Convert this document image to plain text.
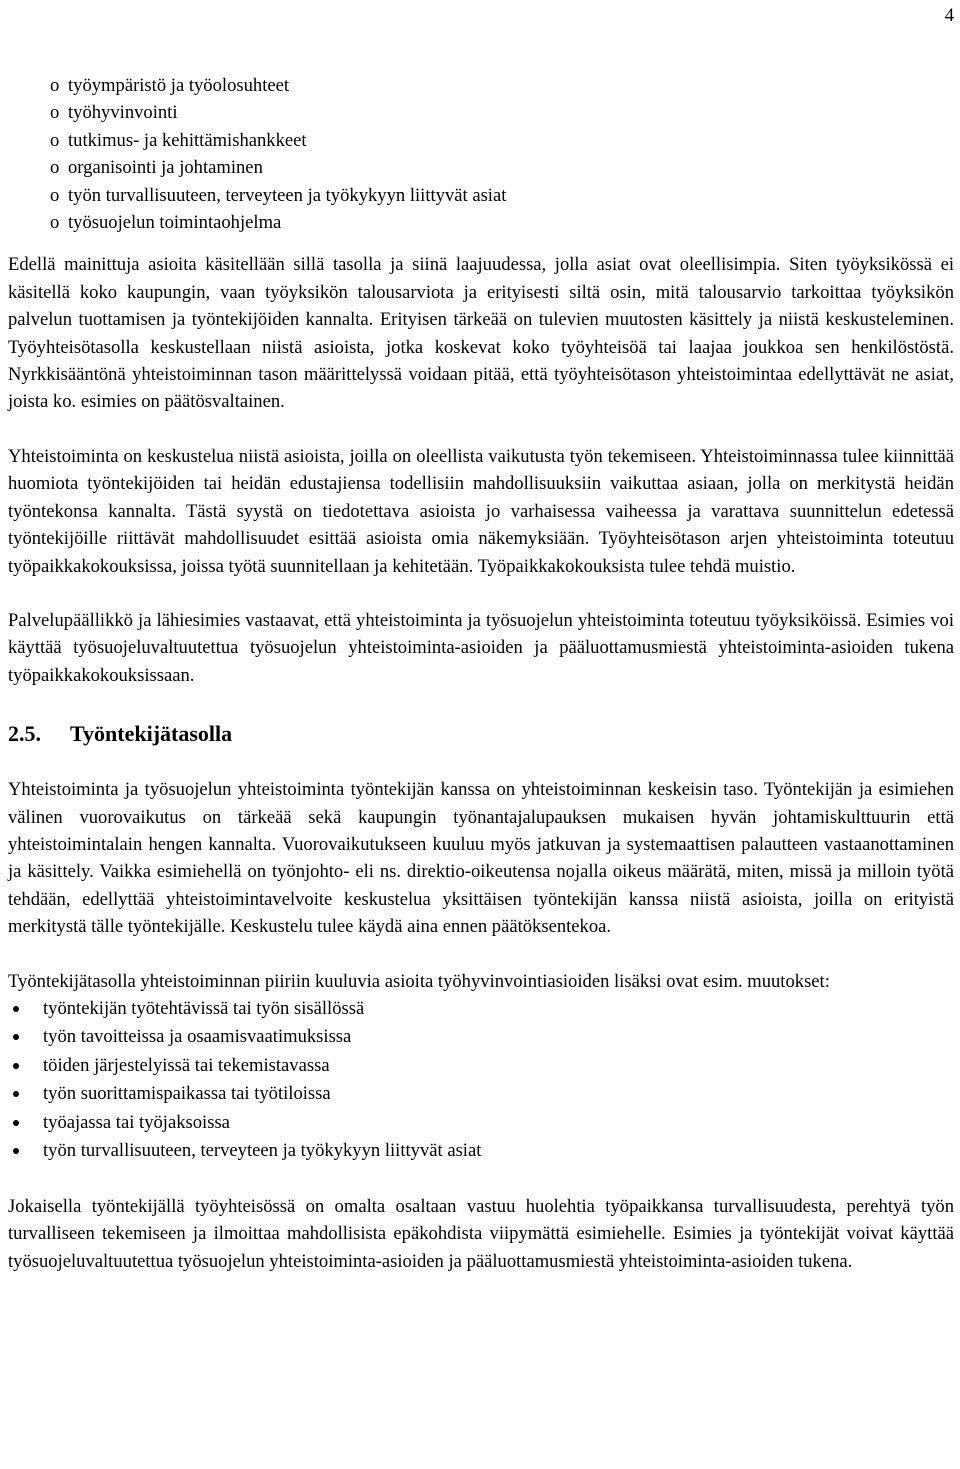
4
o työympäristö ja työolosuhteet
o työhyvinvointi
o tutkimus- ja kehittämishankkeet
o organisointi ja johtaminen
o työn turvallisuuteen, terveyteen ja työkykyyn liittyvät asiat
o työsuojelun toimintaohjelma

Edellä mainittuja asioita käsitellään sillä tasolla ja siinä laajuudessa, jolla asiat ovat oleellisimpia. Siten työyksikössä ei käsitellä koko kaupungin, vaan työyksikön talousarviota ja erityisesti siltä osin, mitä talousarvio tarkoittaa työyksikön palvelun tuottamisen ja työntekijöiden kannalta. Erityisen tärkeää on tulevien muutosten käsittely ja niistä keskusteleminen. Työyhteisötasolla keskustellaan niistä asioista, jotka koskevat koko työyhteisöä tai laajaa joukkoa sen henkilöstöstä. Nyrkkisääntönä yhteistoiminnan tason määrittelyssä voidaan pitää, että työyhteisötason yhteistoimintaa edellyttävät ne asiat, joista ko. esimies on päätösvaltainen.

Yhteistoiminta on keskustelua niistä asioista, joilla on oleellista vaikutusta työn tekemiseen. Yhteistoiminnassa tulee kiinnittää huomiota työntekijöiden tai heidän edustajiensa todellisiin mahdollisuuksiin vaikuttaa asiaan, jolla on merkitystä heidän työntekonsa kannalta. Tästä syystä on tiedotettava asioista jo varhaisessa vaiheessa ja varattava suunnittelun edetessä työntekijöille riittävät mahdollisuudet esittää asioista omia näkemyksiään. Työyhteisötason arjen yhteistoiminta toteutuu työpaikkakokouksissa, joissa työtä suunnitellaan ja kehitetään. Työpaikkakokouksista tulee tehdä muistio.

Palvelupäällikkö ja lähiesimies vastaavat, että yhteistoiminta ja työsuojelun yhteistoiminta toteutuu työyksiköissä. Esimies voi käyttää työsuojeluvaltuutettua työsuojelun yhteistoiminta-asioiden ja pääluottamusmiestä yhteistoiminta-asioiden tukena työpaikkakokouksissaan.

2.5.	Työntekijätasolla

Yhteistoiminta ja työsuojelun yhteistoiminta työntekijän kanssa on yhteistoiminnan keskeisin taso. Työntekijän ja esimiehen välinen vuorovaikutus on tärkeää sekä kaupungin työnantajalupauksen mukaisen hyvän johtamiskulttuurin että yhteistoimintalain hengen kannalta. Vuorovaikutukseen kuuluu myös jatkuvan ja systemaattisen palautteen vastaanottaminen ja käsittely. Vaikka esimiehellä on työnjohto- eli ns. direktio-oikeutensa nojalla oikeus määrätä, miten, missä ja milloin työtä tehdään, edellyttää yhteistoimintavelvoite keskustelua yksittäisen työntekijän kanssa niistä asioista, joilla on erityistä merkitystä tälle työntekijälle. Keskustelu tulee käydä aina ennen päätöksentekoa.

Työntekijätasolla yhteistoiminnan piiriin kuuluvia asioita työhyvinvointiasioiden lisäksi ovat esim. muutokset:

työntekijän työtehtävissä tai työn sisällössä
työn tavoitteissa ja osaamisvaatimuksissa
töiden järjestelyissä tai tekemistavassa
työn suorittamispaikassa tai työtiloissa
työajassa tai työjaksoissa
työn turvallisuuteen, terveyteen ja työkykyyn liittyvät asiat

Jokaisella työntekijällä työyhteisössä on omalta osaltaan vastuu huolehtia työpaikkansa turvallisuudesta, perehtyä työn turvalliseen tekemiseen ja ilmoittaa mahdollisista epäkohdista viipymättä esimiehelle. Esimies ja työntekijät voivat käyttää työsuojeluvaltuutettua työsuojelun yhteistoiminta-asioiden ja pääluottamusmiestä yhteistoiminta-asioiden tukena.
